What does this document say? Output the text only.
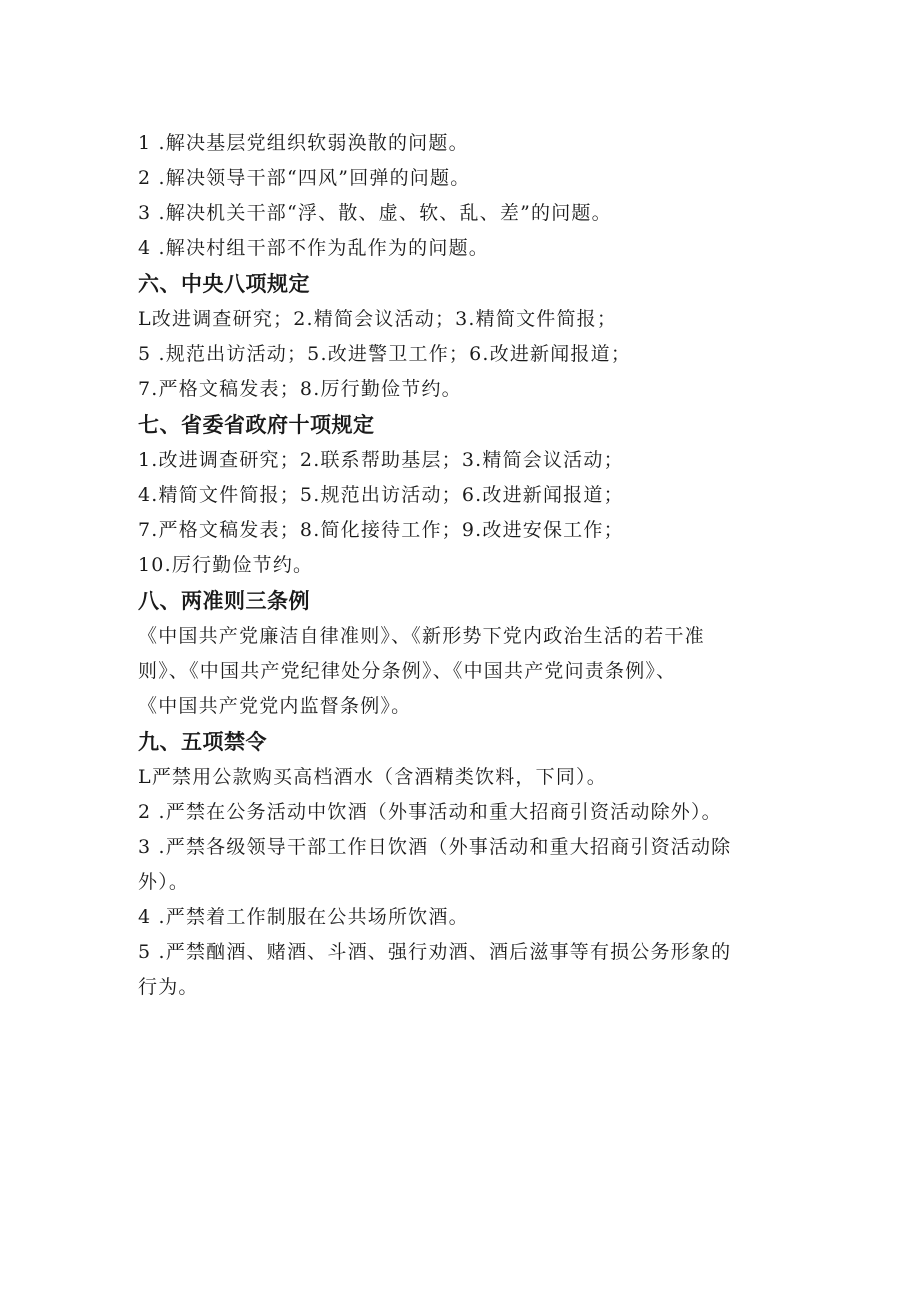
1 .解决基层党组织软弱涣散的问题。
2 .解决领导干部“四风”回弹的问题。
3 .解决机关干部“浮、散、虚、软、乱、差”的问题。
4 .解决村组干部不作为乱作为的问题。
六、中央八项规定
L改进调查研究；2.精简会议活动；3.精简文件简报；
5 .规范出访活动；5.改进警卫工作；6.改进新闻报道；
7.严格文稿发表；8.厉行勤俭节约。
七、省委省政府十项规定
1.改进调查研究；2.联系帮助基层；3.精简会议活动；
4.精简文件简报；5.规范出访活动；6.改进新闻报道；
7.严格文稿发表；8.简化接待工作；9.改进安保工作；
10.厉行勤俭节约。
八、两准则三条例
《中国共产党廉洁自律准则》、《新形势下党内政治生活的若干准
则》、《中国共产党纪律处分条例》、《中国共产党问责条例》、
《中国共产党党内监督条例》。
九、五项禁令
L严禁用公款购买高档酒水（含酒精类饮料，下同）。
2 .严禁在公务活动中饮酒（外事活动和重大招商引资活动除外）。
3 .严禁各级领导干部工作日饮酒（外事活动和重大招商引资活动除
外）。
4 .严禁着工作制服在公共场所饮酒。
5 .严禁酗酒、赌酒、斗酒、强行劝酒、酒后滋事等有损公务形象的
行为。
